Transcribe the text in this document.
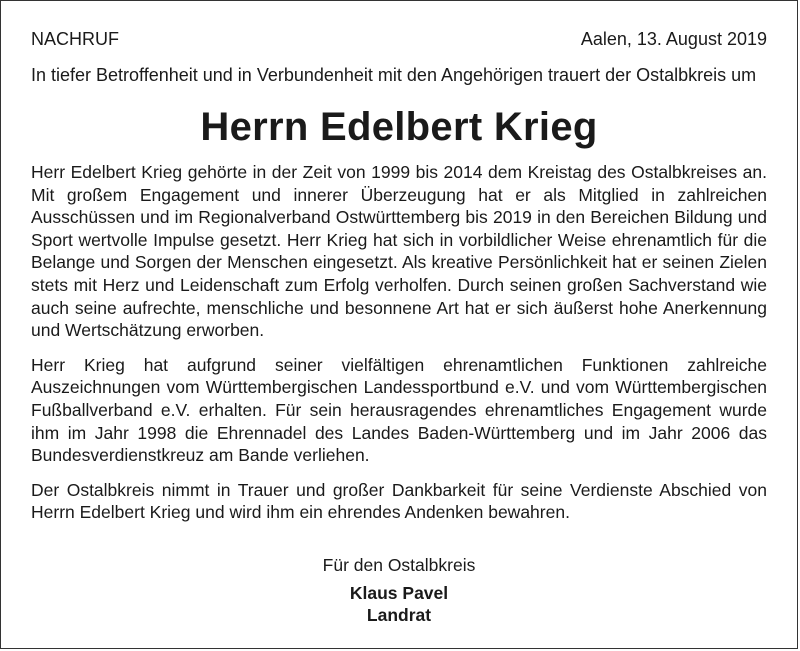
NACHRUF	Aalen, 13. August 2019
In tiefer Betroffenheit und in Verbundenheit mit den Angehörigen trauert der Ostalbkreis um
Herrn Edelbert Krieg

Herr Edelbert Krieg gehörte in der Zeit von 1999 bis 2014 dem Kreistag des Ostalbkreises an. Mit großem Engagement und innerer Überzeugung hat er als Mitglied in zahlreichen Ausschüssen und im Regionalverband Ostwürttemberg bis 2019 in den Bereichen Bildung und Sport wertvolle Impulse gesetzt. Herr Krieg hat sich in vorbildlicher Weise ehrenamtlich für die Belange und Sorgen der Menschen eingesetzt. Als kreative Persönlichkeit hat er seinen Zielen stets mit Herz und Leidenschaft zum Erfolg verholfen. Durch seinen großen Sachverstand wie auch seine aufrechte, menschliche und besonnene Art hat er sich äußerst hohe Anerkennung und Wertschätzung erworben.

Herr Krieg hat aufgrund seiner vielfältigen ehrenamtlichen Funktionen zahlreiche Auszeichnungen vom Württembergischen Landessportbund e.V. und vom Württembergischen Fußballverband e.V. erhalten. Für sein herausragendes ehrenamtliches Engagement wurde ihm im Jahr 1998 die Ehrennadel des Landes Baden-Württemberg und im Jahr 2006 das Bundesverdienstkreuz am Bande verliehen.

Der Ostalbkreis nimmt in Trauer und großer Dankbarkeit für seine Verdienste Abschied von Herrn Edelbert Krieg und wird ihm ein ehrendes Andenken bewahren.

Für den Ostalbkreis
Klaus Pavel
Landrat
